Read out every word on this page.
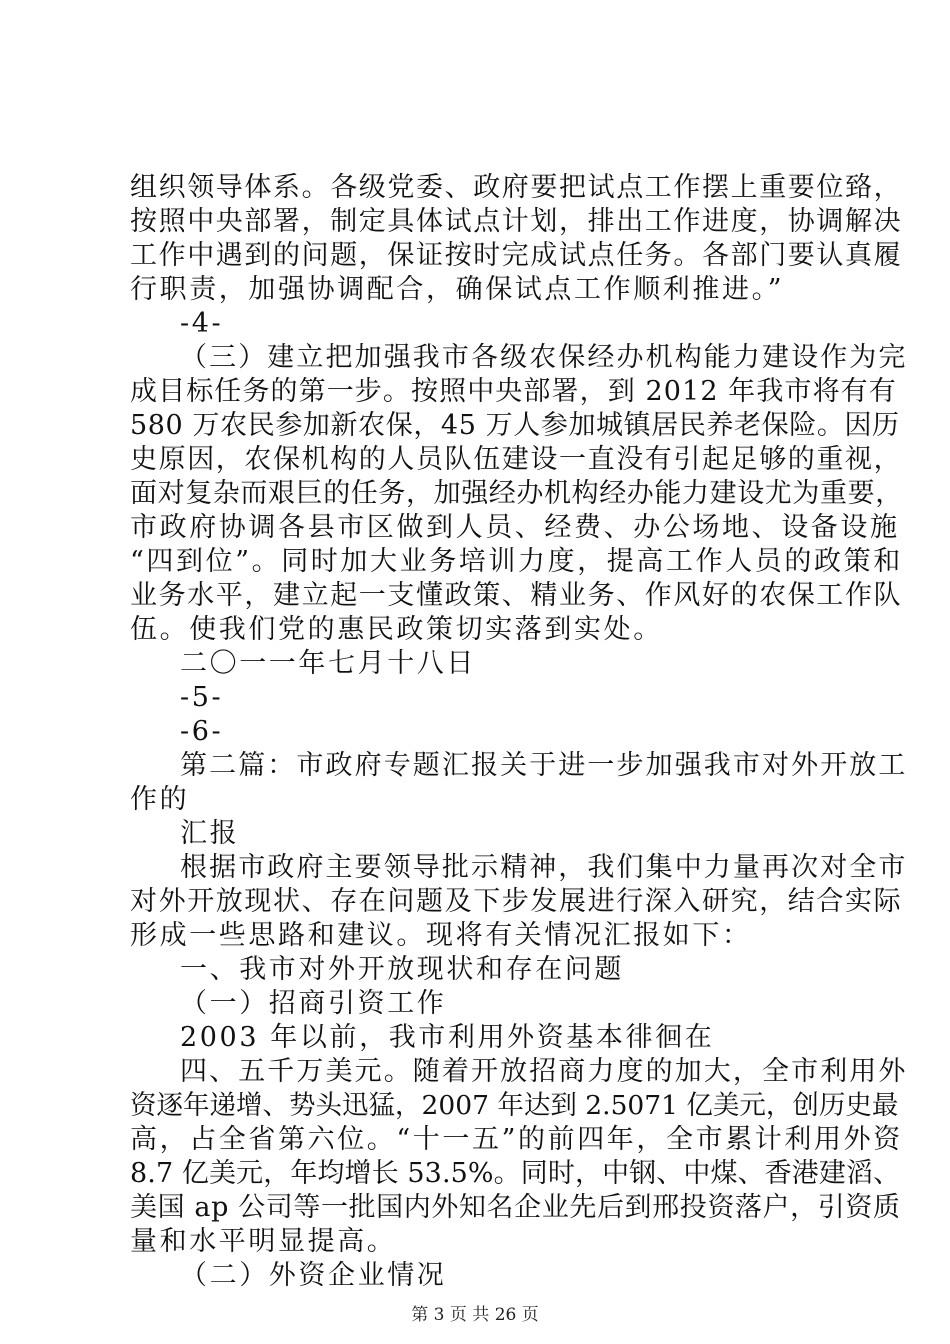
组织领导体系。各级党委、政府要把试点工作摆上重要位臵，
按照中央部署，制定具体试点计划，排出工作进度，协调解决
工作中遇到的问题，保证按时完成试点任务。各部门要认真履
行职责，加强协调配合，确保试点工作顺利推进。”
-4-
（三）建立把加强我市各级农保经办机构能力建设作为完
成目标任务的第一步。按照中央部署，到 2012 年我市将有有
580 万农民参加新农保，45 万人参加城镇居民养老保险。因历
史原因，农保机构的人员队伍建设一直没有引起足够的重视，
面对复杂而艰巨的任务，加强经办机构经办能力建设尤为重要，
市政府协调各县市区做到人员、经费、办公场地、设备设施
“四到位”。同时加大业务培训力度，提高工作人员的政策和
业务水平，建立起一支懂政策、精业务、作风好的农保工作队
伍。使我们党的惠民政策切实落到实处。
二〇一一年七月十八日
-5-
-6-
第二篇：市政府专题汇报关于进一步加强我市对外开放工
作的
汇报
根据市政府主要领导批示精神，我们集中力量再次对全市
对外开放现状、存在问题及下步发展进行深入研究，结合实际
形成一些思路和建议。现将有关情况汇报如下：
一、我市对外开放现状和存在问题
（一）招商引资工作
2003 年以前，我市利用外资基本徘徊在
四、五千万美元。随着开放招商力度的加大，全市利用外
资逐年递增、势头迅猛，2007 年达到 2.5071 亿美元，创历史最
高，占全省第六位。“十一五”的前四年，全市累计利用外资
8.7 亿美元，年均增长 53.5%。同时，中钢、中煤、香港建滔、
美国 ap 公司等一批国内外知名企业先后到邢投资落户，引资质
量和水平明显提高。
（二）外资企业情况
第 3 页 共 26 页
